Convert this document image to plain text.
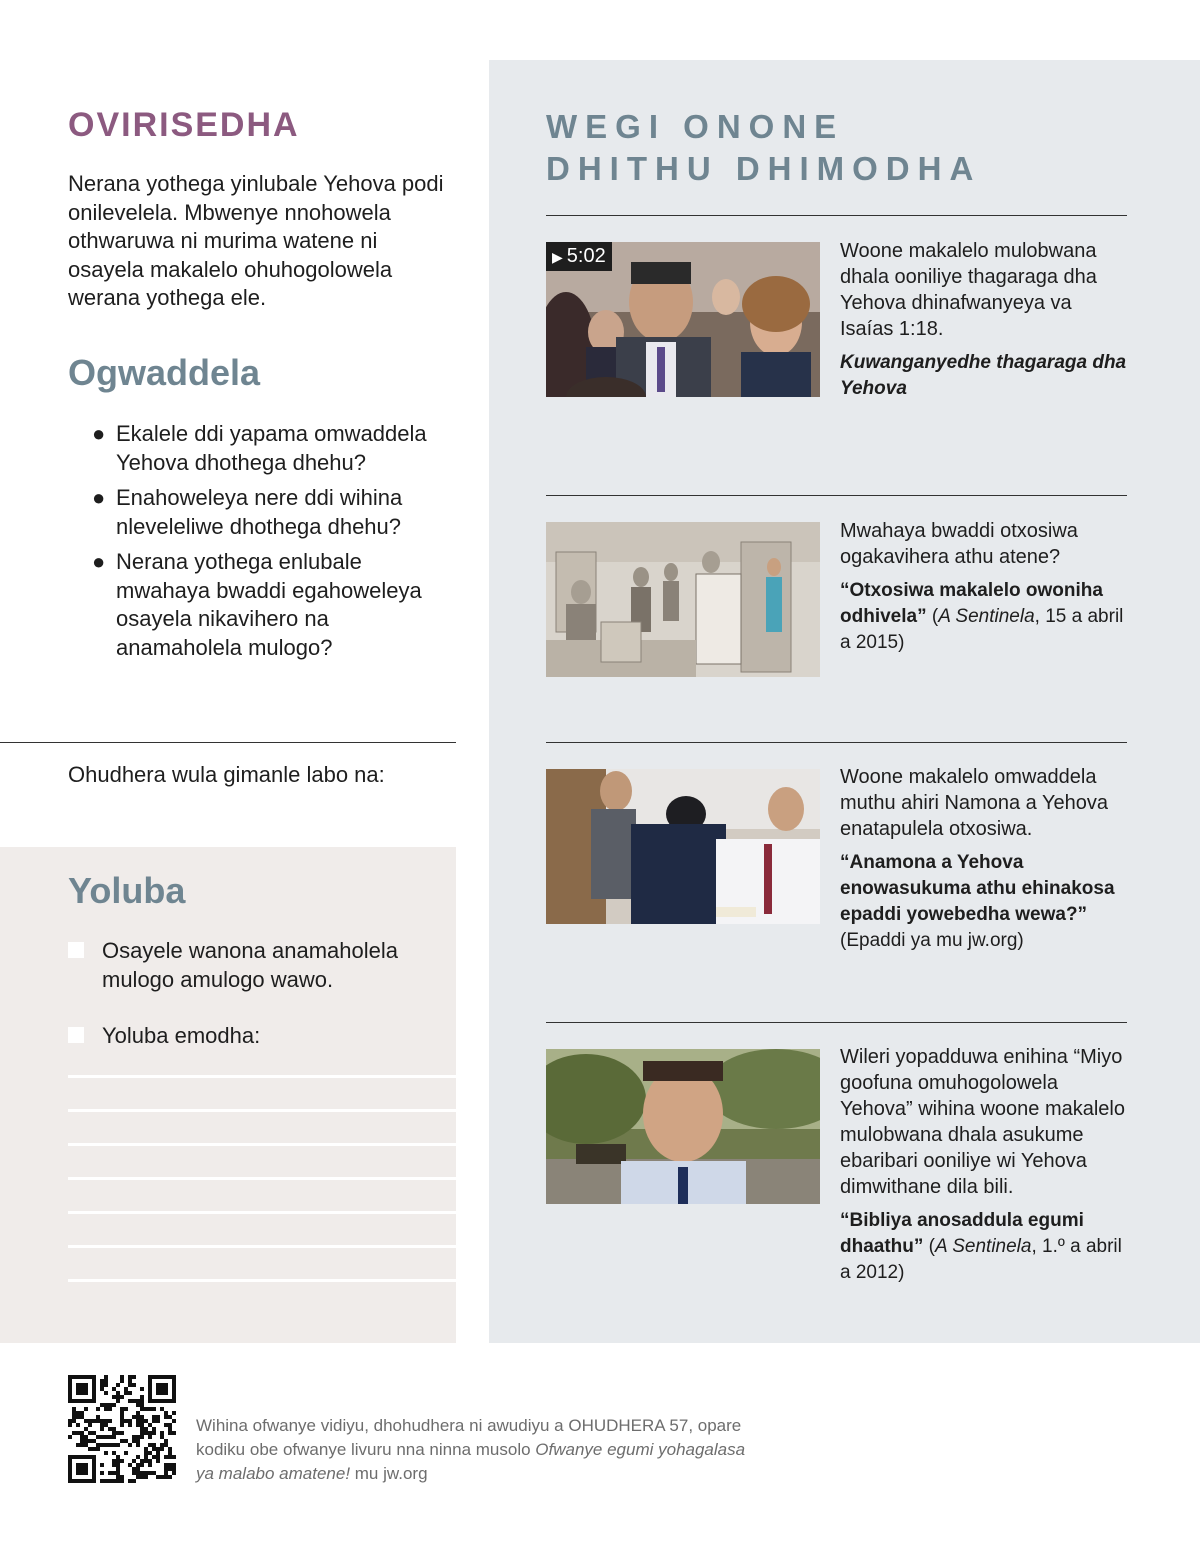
OVIRISEDHA

Nerana yothega yinlubale Yehova podi onilevelela. Mbwenye nnohowela othwaruwa ni murima watene ni osayela makalelo ohuhogolowela werana yothega ele.

Ogwaddela
● Ekalele ddi yapama omwaddela Yehova dhothega dhehu?
● Enahoweleya nere ddi wihina nleveleliwe dhothega dhehu?
● Nerana yothega enlubale mwahaya bwaddi egahoweleya osayela nikavihero na anamaholela mulogo?

Ohudhera wula gimanle labo na:

Yoluba
Osayele wanona anamaholela mulogo amulogo wawo.
Yoluba emodha:
WEGI ONONE
DHITHU DHIMODHA
▶ 5:02	Woone makalelo mulobwana dhala ooniliye thagaraga dha Yehova dhinafwanyeya va Isaías 1:18.

Kuwanganyedhe thagaraga dha Yehova

Mwahaya bwaddi otxosiwa ogakavihera athu atene?

“Otxosiwa makalelo owoniha odhivela” (A Sentinela, 15 a abril a 2015)

Woone makalelo omwaddela muthu ahiri Namona a Yehova enatapulela otxosiwa.

“Anamona a Yehova enowasukuma athu ehinakosa epaddi yowebedha wewa?”
(Epaddi ya mu jw.org)

Wileri yopadduwa enihina “Miyo goofuna omuhogolowela Yehova” wihina woone makalelo mulobwana dhala asukume ebaribari ooniliye wi Yehova dimwithane dila bili.

“Bibliya anosaddula egumi dhaathu” (A Sentinela, 1.º a abril a 2012)

Wihina ofwanye vidiyu, dhohudhera ni awudiyu a OHUDHERA 57, opare kodiku obe ofwanye livuru nna ninna musolo Ofwanye egumi yohagalasa ya malabo amatene! mu jw.org
